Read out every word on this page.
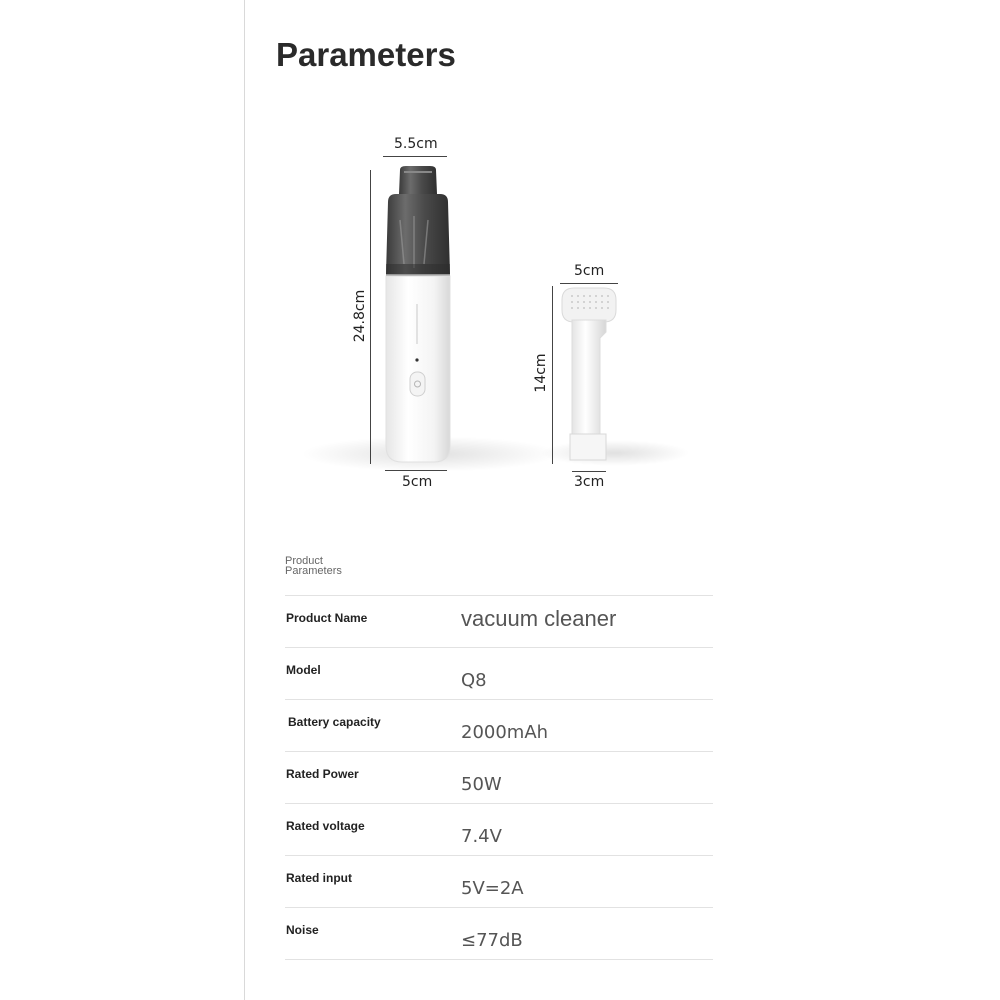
Parameters
5.5cm
24.8cm
5cm
5cm
14cm
3cm
Product
Parameters
Product Name	vacuum cleaner
Model	Q8
Battery capacity	2000mAh
Rated Power	50W
Rated voltage	7.4V
Rated input	5V=2A
Noise	≤77dB
